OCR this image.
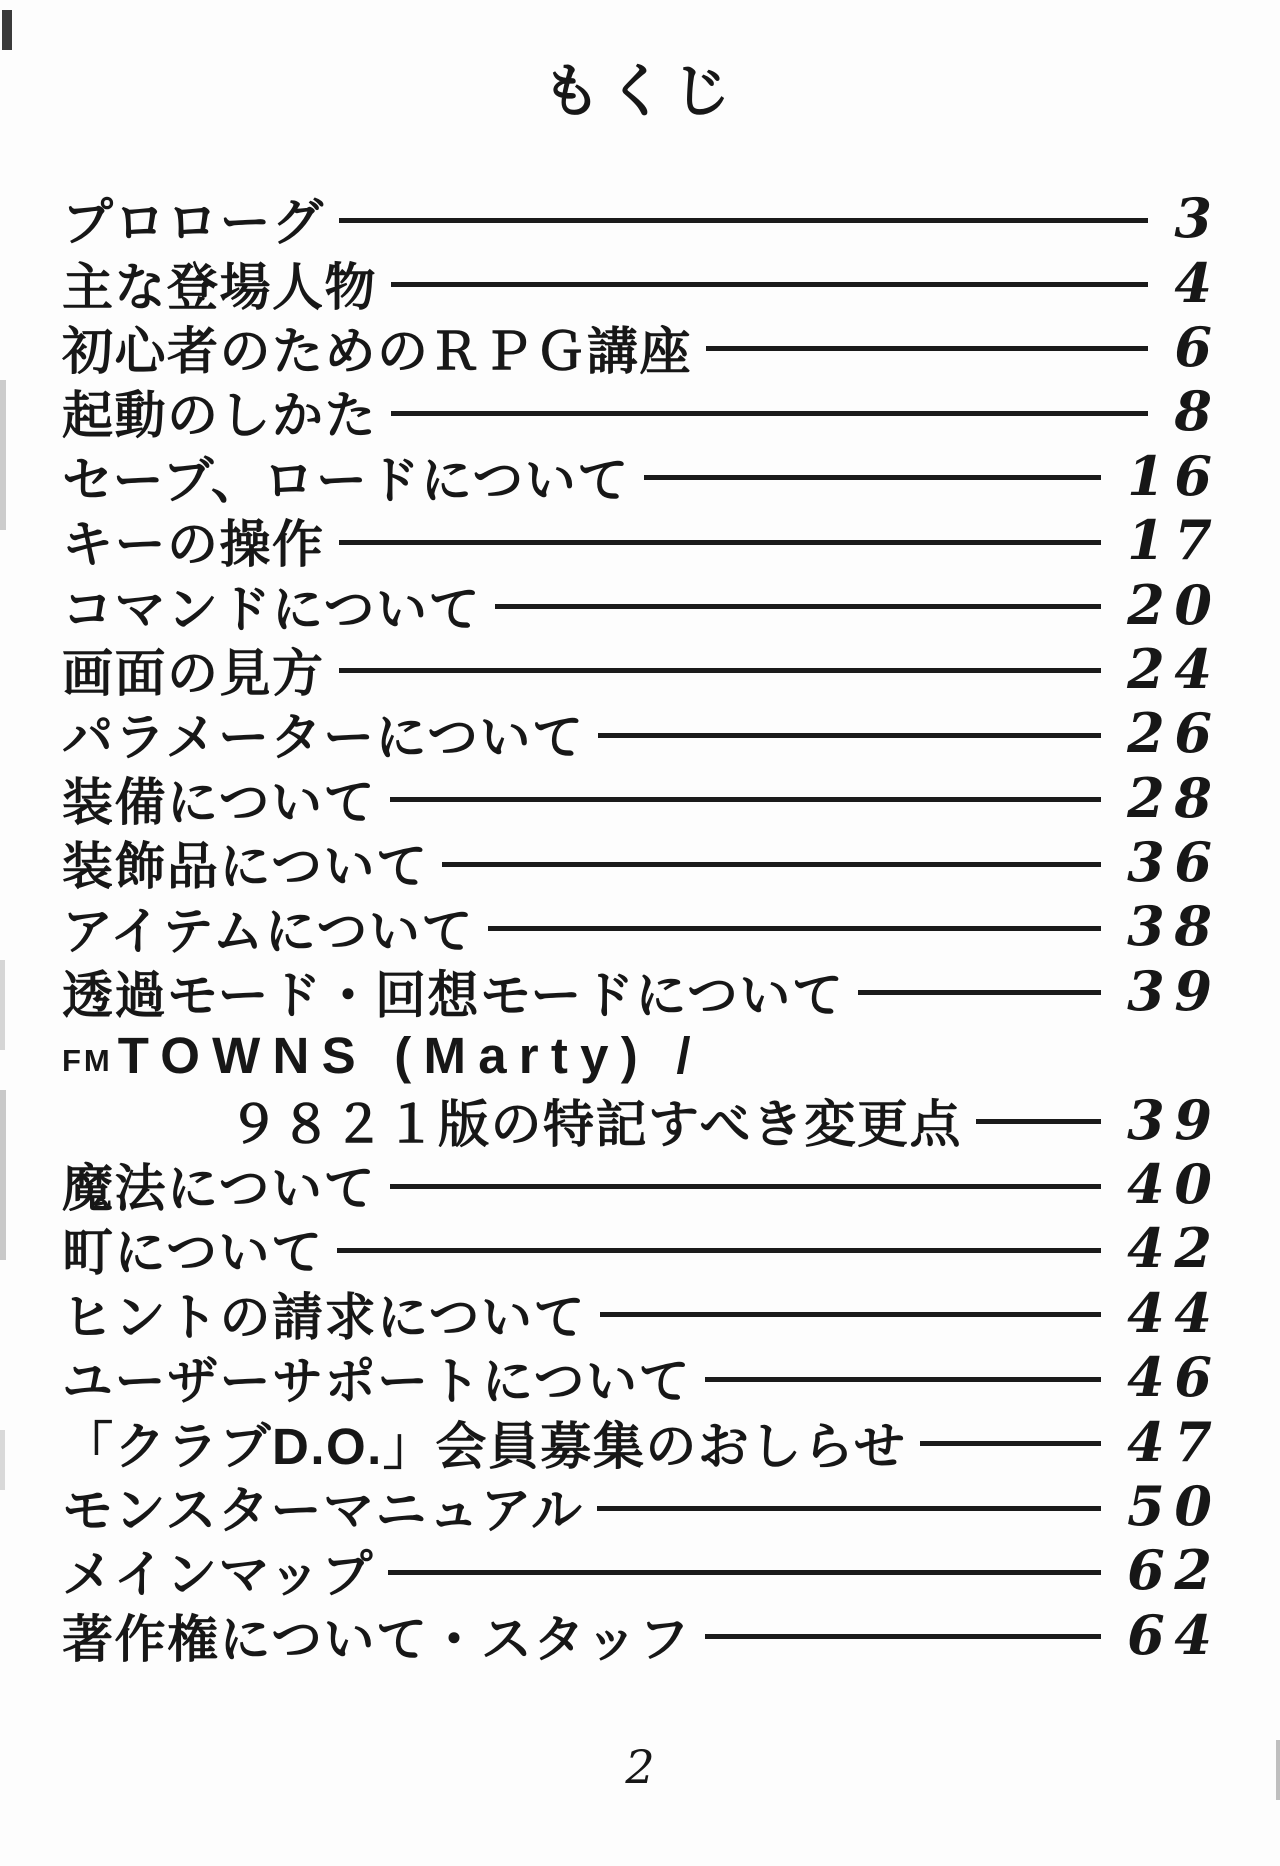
もくじ
プロローグ	3
主な登場人物	4
初心者のためのＲＰＧ講座	6
起動のしかた	8
セーブ、ロードについて	16
キーの操作	17
コマンドについて	20
画面の見方	24
パラメーターについて	26
装備について	28
装飾品について	36
アイテムについて	38
透過モード・回想モードについて	39
FM TOWNS (Marty) /
９８２１版の特記すべき変更点	39
魔法について	40
町について	42
ヒントの請求について	44
ユーザーサポートについて	46
「クラブD.O.」会員募集のおしらせ	47
モンスターマニュアル	50
メインマップ	62
著作権について・スタッフ	64
2
